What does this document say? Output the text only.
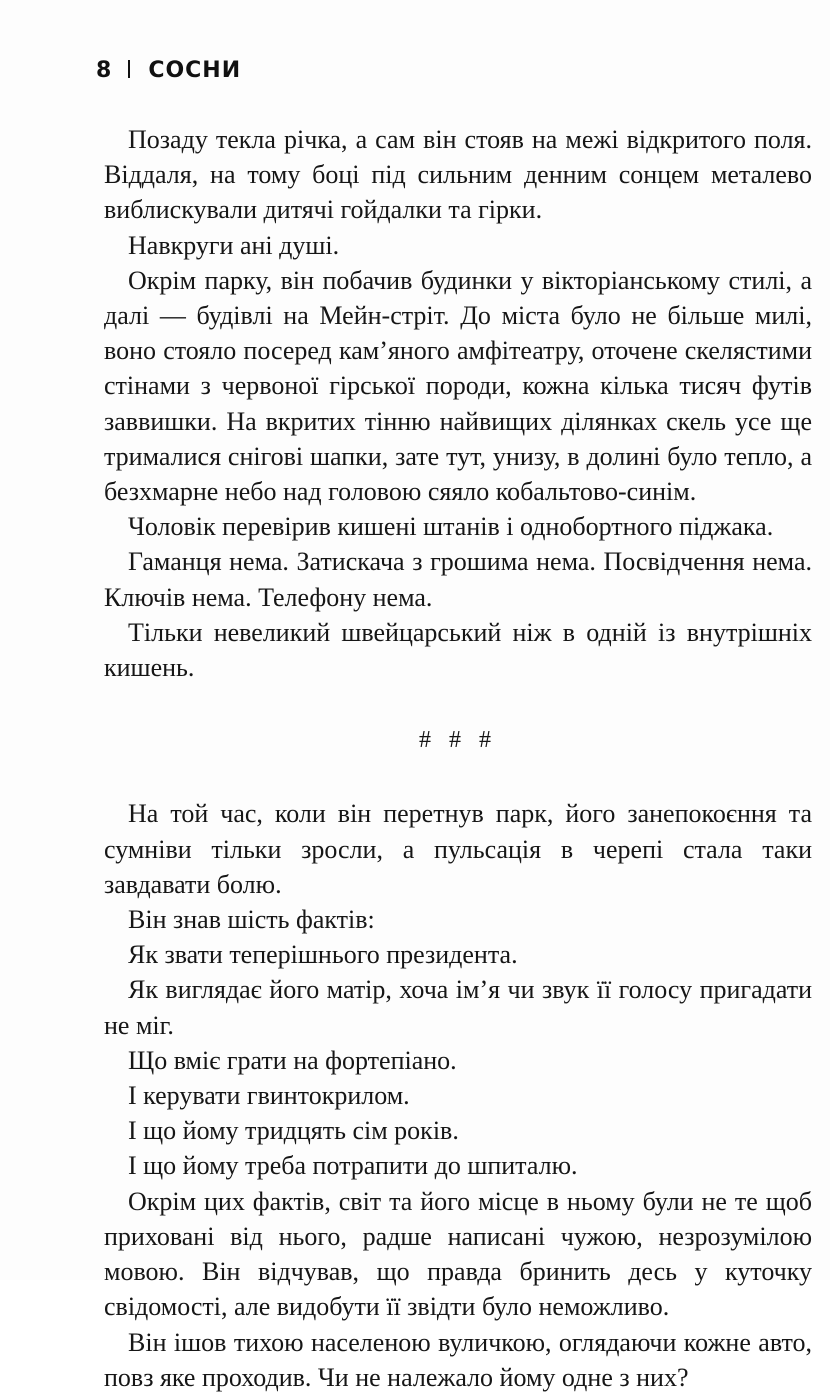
8 СОСНИ

Позаду текла річка, а сам він стояв на межі відкритого поля. Віддаля, на тому боці під сильним денним сонцем металево виблискували дитячі гойдалки та гірки.

Навкруги ані душі.

Окрім парку, він побачив будинки у вікторіанському стилі, а далі — будівлі на Мейн-стріт. До міста було не більше милі, воно стояло посеред кам’яного амфітеатру, оточене скелястими стінами з червоної гірської породи, кожна кілька тисяч футів заввишки. На вкритих тінню найвищих ділянках скель усе ще трималися снігові шапки, зате тут, унизу, в долині було тепло, а безхмарне небо над головою сяяло кобальтово-синім.

Чоловік перевірив кишені штанів і однобортного піджака.

Гаманця нема. Затискача з грошима нема. Посвідчення нема. Ключів нема. Телефону нема.

Тільки невеликий швейцарський ніж в одній із внутрішніх кишень.

# # #

На той час, коли він перетнув парк, його занепокоєння та сумніви тільки зросли, а пульсація в черепі стала таки завдавати болю.

Він знав шість фактів:

Як звати теперішнього президента.

Як виглядає його матір, хоча ім’я чи звук її голосу пригадати не міг.

Що вміє грати на фортепіано.

І керувати гвинтокрилом.

І що йому тридцять сім років.

І що йому треба потрапити до шпиталю.

Окрім цих фактів, світ та його місце в ньому були не те щоб приховані від нього, радше написані чужою, незрозумілою мовою. Він відчував, що правда бринить десь у куточку свідомості, але видобути її звідти було неможливо.

Він ішов тихою населеною вуличкою, оглядаючи кожне авто, повз яке проходив. Чи не належало йому одне з них?
